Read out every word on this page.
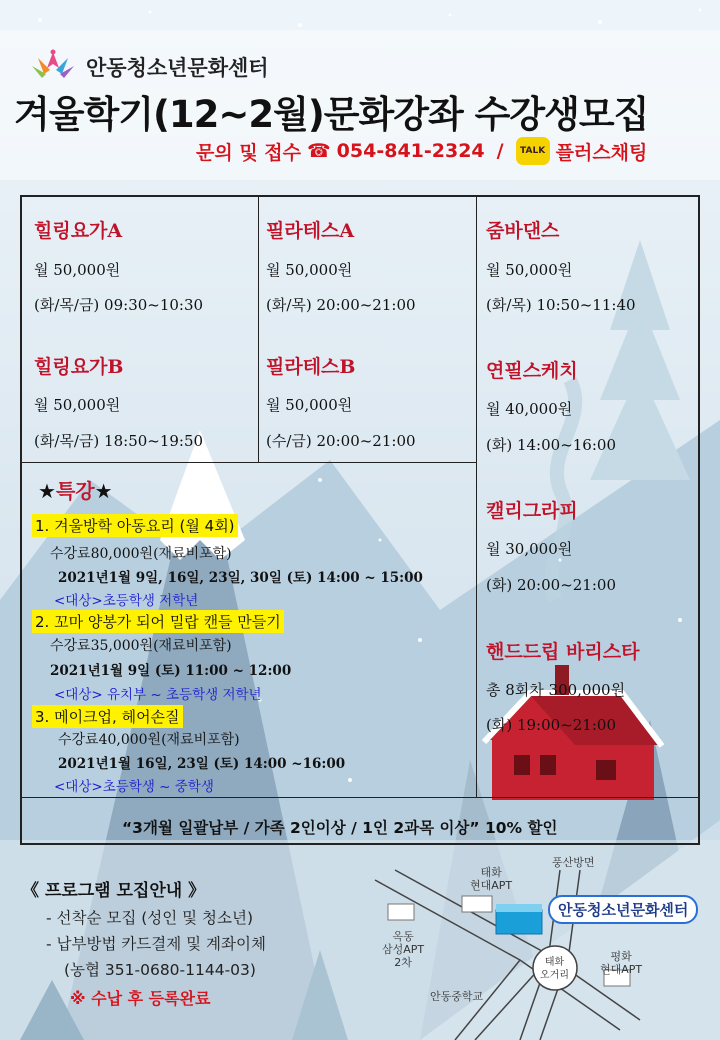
안동청소년문화센터
겨울학기(12~2월)문화강좌 수강생모집
문의 및 접수 ☎ 054-841-2324 /	TALK 플러스채팅
힐링요가A
월 50,000원
(화/목/금) 09:30~10:30
힐링요가B
월 50,000원
(화/목/금) 18:50~19:50
필라테스A
월 50,000원
(화/목) 20:00~21:00
필라테스B
월 50,000원
(수/금) 20:00~21:00
줌바댄스
월 50,000원
(화/목) 10:50~11:40
연필스케치
월 40,000원
(화) 14:00~16:00
캘리그라피
월 30,000원
(화) 20:00~21:00
핸드드립 바리스타
총 8회차 300,000원
(화) 19:00~21:00
★특강★
1. 겨울방학 아동요리 (월 4회)
수강료80,000원(재료비포함)
2021년1월 9일, 16일, 23일, 30일 (토) 14:00 ~ 15:00
<대상>초등학생 저학년
2. 꼬마 양봉가 되어 밀랍 캔들 만들기
수강료35,000원(재료비포함)
2021년1월 9일 (토) 11:00 ~ 12:00
<대상> 유치부 ~ 초등학생 저학년
3. 메이크업, 헤어손질
수강료40,000원(재료비포함)
2021년1월 16일, 23일 (토) 14:00 ~16:00
<대상>초등학생 ~ 중학생
“3개월 일괄납부 / 가족 2인이상 / 1인 2과목 이상” 10% 할인
《 프로그램 모집안내 》
- 선착순 모집 (성인 및 청소년)
- 납부방법 카드결제 및 계좌이체
(농협 351-0680-1144-03)
※ 수납 후 등록완료
태화
현대APT
풍산방면
옥동
삼성APT
2차	태화
오거리
평화
현대APT
안동중학교
안동청소년문화센터
